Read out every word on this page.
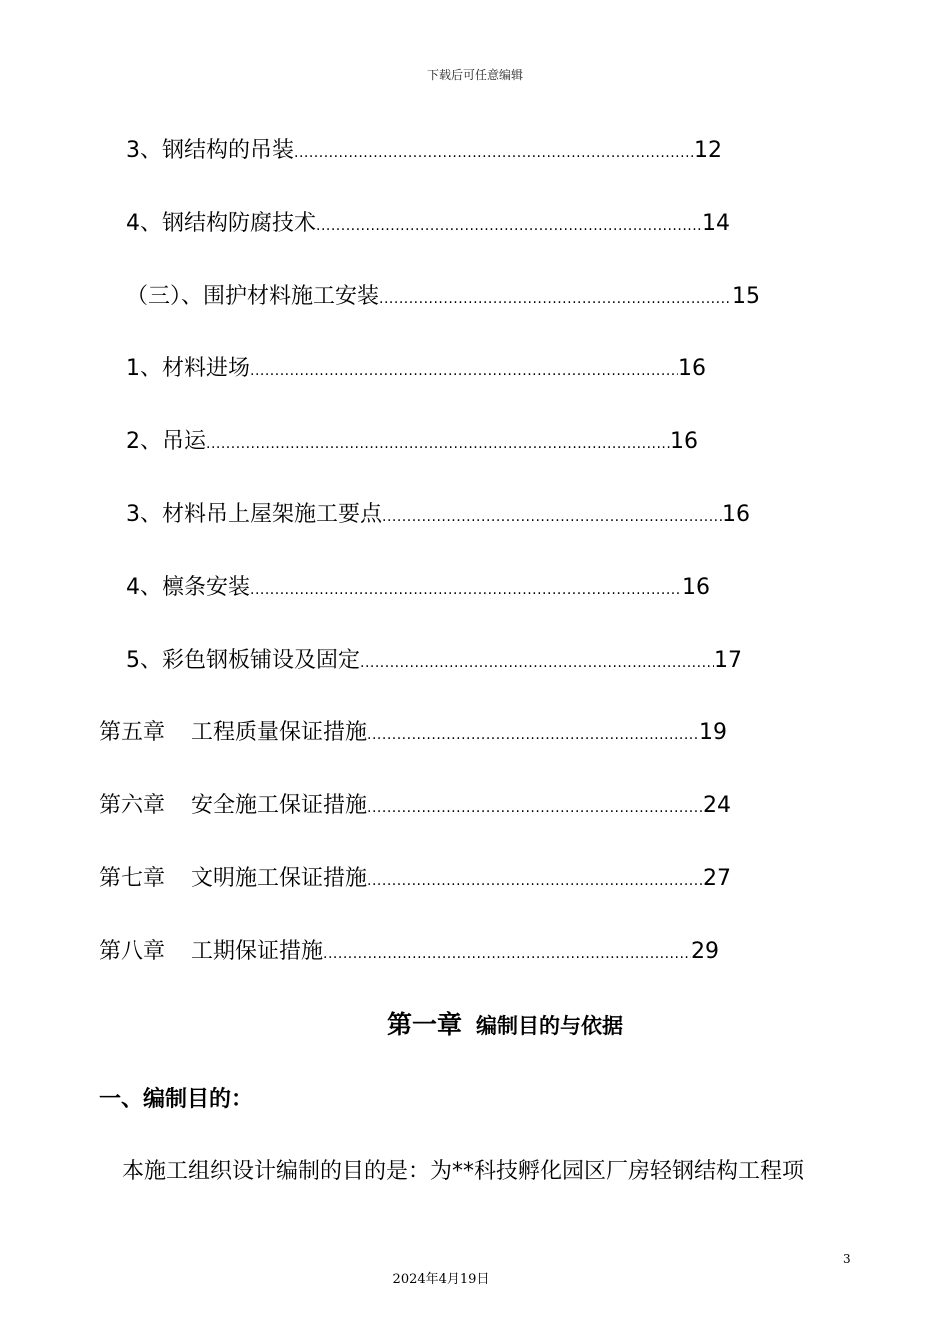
下载后可任意编辑
3、钢结构的吊装 .....	12
4、钢结构防腐技术 .....	14
（三）、围护材料施工安装 .....	15
1、材料进场 .....	16
2、吊运 .....	16
3、材料吊上屋架施工要点 .....	16
4、檩条安装 .....	16
5、彩色钢板铺设及固定 .....	17
第五章 工程质量保证措施 .....	19
第六章 安全施工保证措施 .....	24
第七章 文明施工保证措施 .....	27
第八章 工期保证措施 .....	29
第一章 编制目的与依据
一、编制目的：
本施工组织设计编制的目的是：为**科技孵化园区厂房轻钢结构工程项
3
2024年4月19日
